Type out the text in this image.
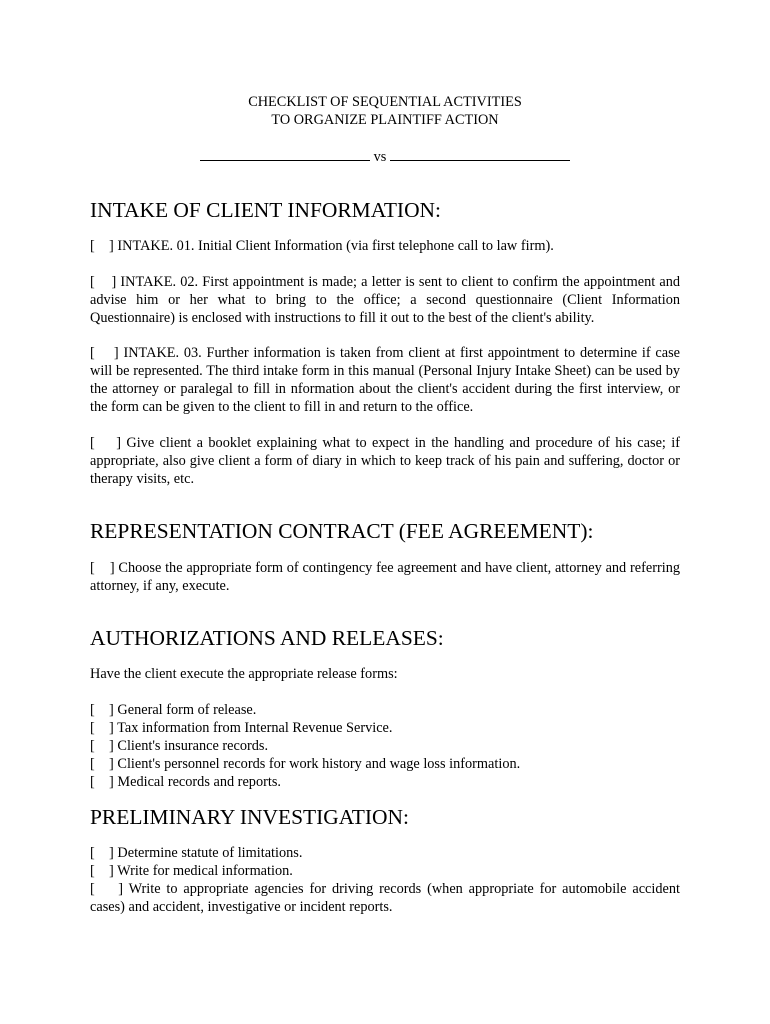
CHECKLIST OF SEQUENTIAL ACTIVITIES
TO ORGANIZE PLAINTIFF ACTION
vs
INTAKE OF CLIENT INFORMATION:

[    ] INTAKE. 01. Initial Client Information (via first telephone call to law firm).

[    ] INTAKE. 02. First appointment is made; a letter is sent to client to confirm the appointment and advise him or her what to bring to the office; a second questionnaire (Client Information Questionnaire) is enclosed with instructions to fill it out to the best of the client's ability.

[    ] INTAKE. 03. Further information is taken from client at first appointment to determine if case will be represented. The third intake form in this manual (Personal Injury Intake Sheet) can be used by the attorney or paralegal to fill in nformation about the client's accident during the first interview, or the form can be given to the client to fill in and return to the office.

[    ] Give client a booklet explaining what to expect in the handling and procedure of his case; if appropriate, also give client a form of diary in which to keep track of his pain and suffering, doctor or therapy visits, etc.

REPRESENTATION CONTRACT (FEE AGREEMENT):

[    ] Choose the appropriate form of contingency fee agreement and have client, attorney and referring attorney, if any, execute.

AUTHORIZATIONS AND RELEASES:

Have the client execute the appropriate release forms:

[    ] General form of release.

[    ] Tax information from Internal Revenue Service.

[    ] Client's insurance records.

[    ] Client's personnel records for work history and wage loss information.

[    ] Medical records and reports.

PRELIMINARY INVESTIGATION:

[    ] Determine statute of limitations.

[    ] Write for medical information.

[    ] Write to appropriate agencies for driving records (when appropriate for automobile accident cases) and accident, investigative or incident reports.
